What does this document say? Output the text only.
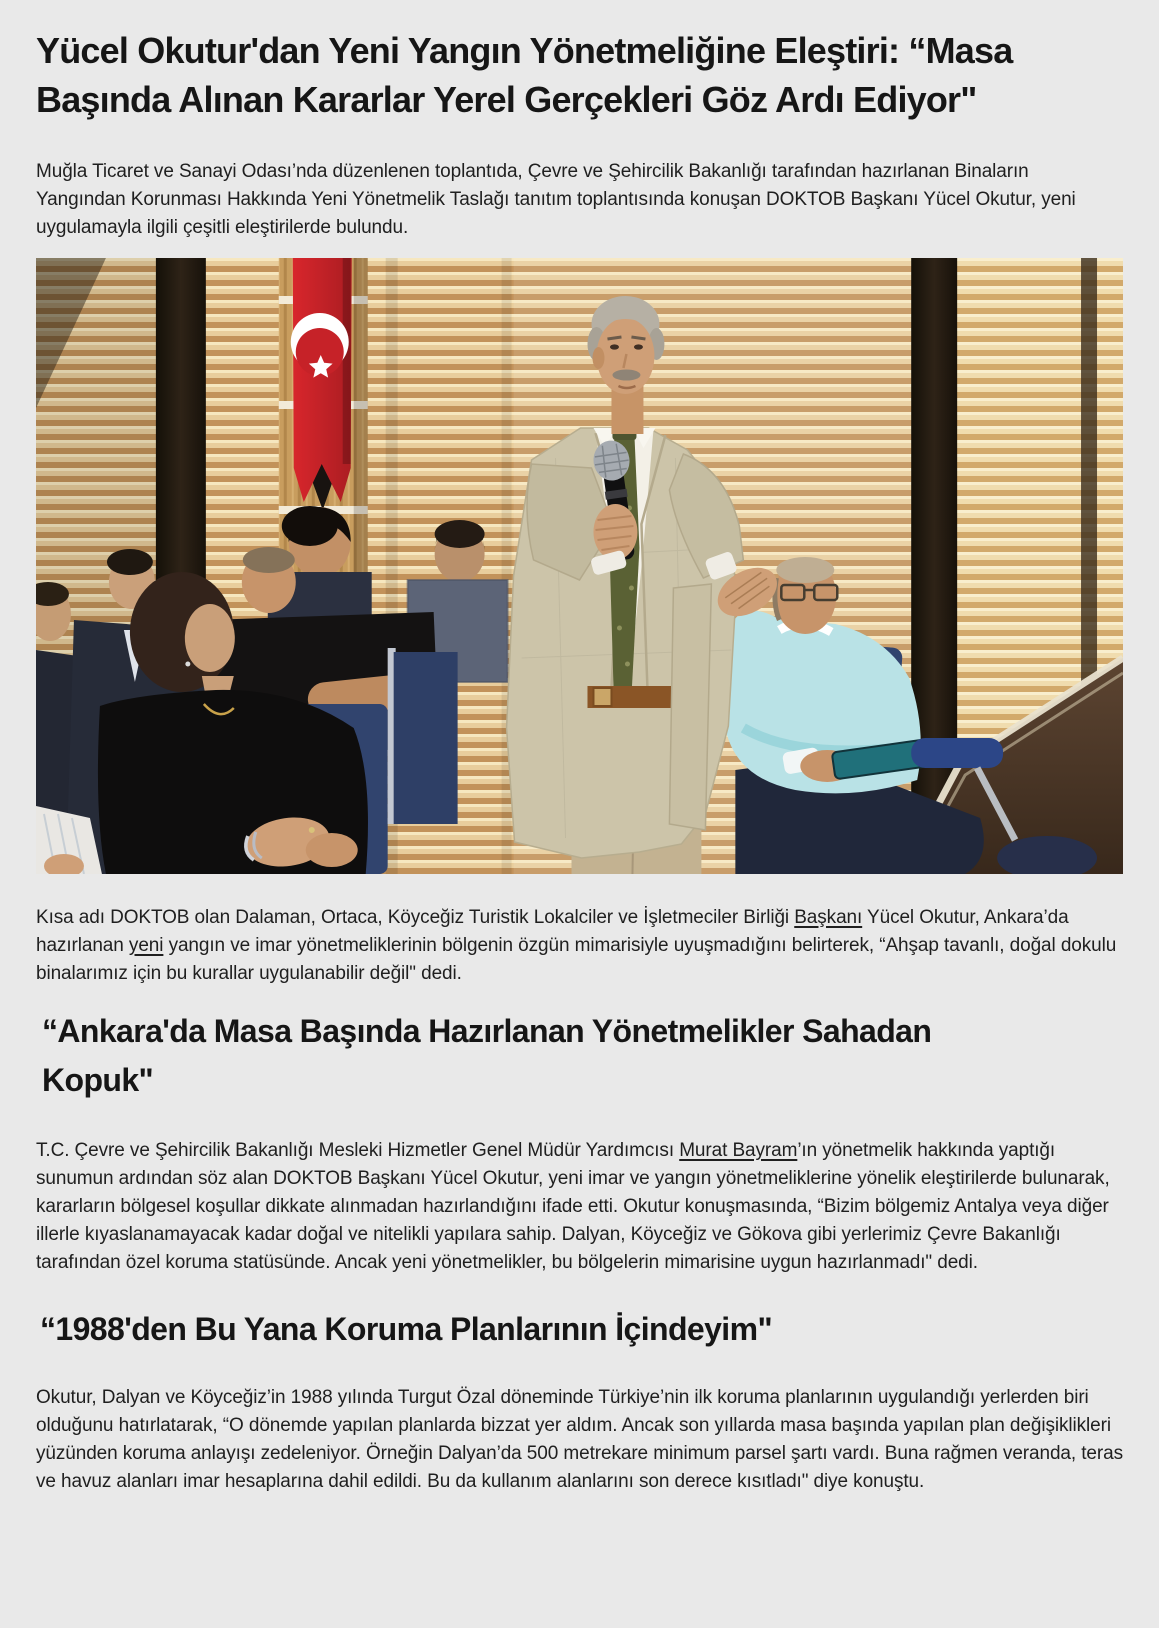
Yücel Okutur'dan Yeni Yangın Yönetmeliğine Eleştiri: “Masa Başında Alınan Kararlar Yerel Gerçekleri Göz Ardı Ediyor"

Muğla Ticaret ve Sanayi Odası’nda düzenlenen toplantıda, Çevre ve Şehircilik Bakanlığı tarafından hazırlanan Binaların Yangından Korunması Hakkında Yeni Yönetmelik Taslağı tanıtım toplantısında konuşan DOKTOB Başkanı Yücel Okutur, yeni uygulamayla ilgili çeşitli eleştirilerde bulundu.

Kısa adı DOKTOB olan Dalaman, Ortaca, Köyceğiz Turistik Lokalciler ve İşletmeciler Birliği Başkanı Yücel Okutur, Ankara’da hazırlanan yeni yangın ve imar yönetmeliklerinin bölgenin özgün mimarisiyle uyuşmadığını belirterek, “Ahşap tavanlı, doğal dokulu binalarımız için bu kurallar uygulanabilir değil" dedi.

“Ankara'da Masa Başında Hazırlanan Yönetmelikler Sahadan Kopuk"

T.C. Çevre ve Şehircilik Bakanlığı Mesleki Hizmetler Genel Müdür Yardımcısı Murat Bayram’ın yönetmelik hakkında yaptığı sunumun ardından söz alan DOKTOB Başkanı Yücel Okutur, yeni imar ve yangın yönetmeliklerine yönelik eleştirilerde bulunarak, kararların bölgesel koşullar dikkate alınmadan hazırlandığını ifade etti. Okutur konuşmasında, “Bizim bölgemiz Antalya veya diğer illerle kıyaslanamayacak kadar doğal ve nitelikli yapılara sahip. Dalyan, Köyceğiz ve Gökova gibi yerlerimiz Çevre Bakanlığı tarafından özel koruma statüsünde. Ancak yeni yönetmelikler, bu bölgelerin mimarisine uygun hazırlanmadı" dedi.

“1988'den Bu Yana Koruma Planlarının İçindeyim"

Okutur, Dalyan ve Köyceğiz’in 1988 yılında Turgut Özal döneminde Türkiye’nin ilk koruma planlarının uygulandığı yerlerden biri olduğunu hatırlatarak, “O dönemde yapılan planlarda bizzat yer aldım. Ancak son yıllarda masa başında yapılan plan değişiklikleri yüzünden koruma anlayışı zedeleniyor. Örneğin Dalyan’da 500 metrekare minimum parsel şartı vardı. Buna rağmen veranda, teras ve havuz alanları imar hesaplarına dahil edildi. Bu da kullanım alanlarını son derece kısıtladı" diye konuştu.
